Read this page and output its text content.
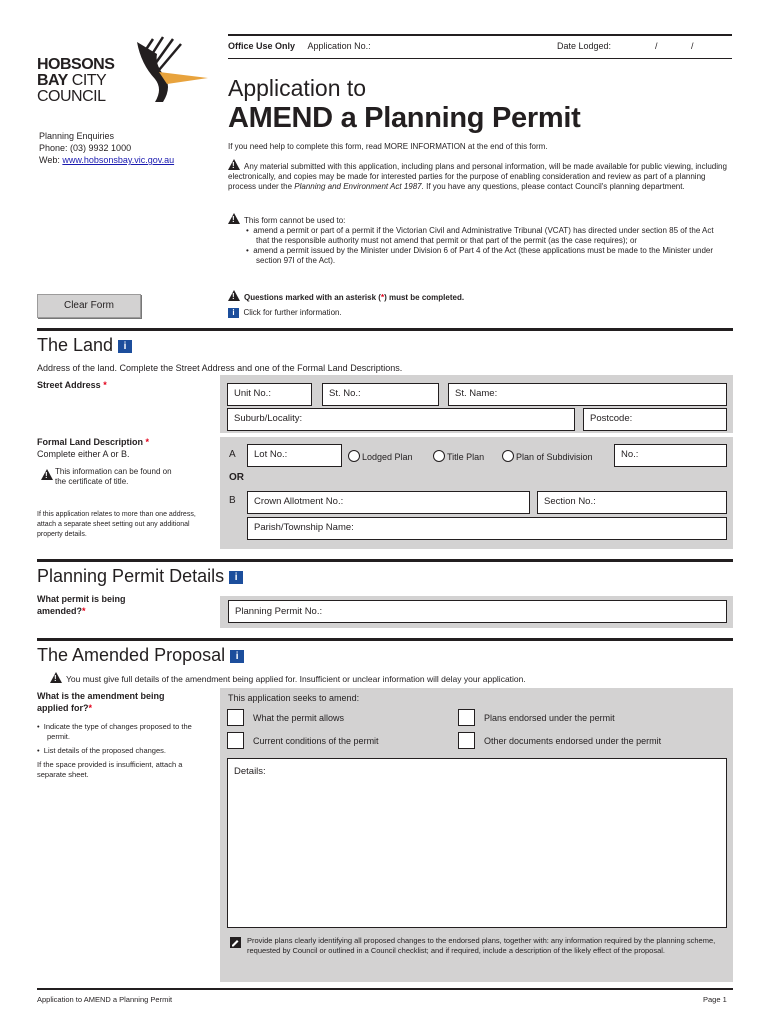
HOBSONS
BAY CITY
COUNCIL
Planning Enquiries
Phone: (03) 9932 1000
Web: www.hobsonsbay.vic.gov.au
Office Use Only Application No.:	Date Lodged:	/	/
Application to
AMEND a Planning Permit
If you need help to complete this form, read MORE INFORMATION at the end of this form.
!Any material submitted with this application, including plans and personal information, will be made available for public viewing, including electronically, and copies may be made for interested parties for the purpose of enabling consideration and review as part of a planning process under the Planning and Environment Act 1987. If you have any questions, please contact Council's planning department.
!This form cannot be used to:
•  amend a permit or part of a permit if the Victorian Civil and Administrative Tribunal (VCAT) has directed under section 85 of the Act that the responsible authority must not amend that permit or that part of the permit (as the case requires); or
•  amend a permit issued by the Minister under Division 6 of Part 4 of the Act (these applications must be made to the Minister under section 97I of the Act).
!Questions marked with an asterisk (*) must be completed.
i Click for further information.
Clear Form
The Land i
Address of the land. Complete the Street Address and one of the Formal Land Descriptions.
Street Address *
Unit No.:	St. No.:	St. Name:
Suburb/Locality:	Postcode:
Formal Land Description *
Complete either A or B.
!
This information can be found on the certificate of title.
If this application relates to more than one address, attach a separate sheet setting out any additional property details.
A	Lot No.:	Lodged Plan	Title Plan	Plan of Subdivision	No.:
OR
B	Crown Allotment No.:	Section No.:
Parish/Township Name:
Planning Permit Details i
What permit is being amended?*	Planning Permit No.:
The Amended Proposal i
!You must give full details of the amendment being applied for. Insufficient or unclear information will delay your application.
What is the amendment being applied for?*
•  Indicate the type of changes proposed to the permit.
•  List details of the proposed changes.
If the space provided is insufficient, attach a separate sheet.
This application seeks to amend:
What the permit allows	Plans endorsed under the permit
Current conditions of the permit	Other documents endorsed under the permit
Details:
Provide plans clearly identifying all proposed changes to the endorsed plans, together with: any information required by the planning scheme, requested by Council or outlined in a Council checklist; and if required, include a description of the likely effect of the proposal.
Application to AMEND a Planning Permit	Page 1
